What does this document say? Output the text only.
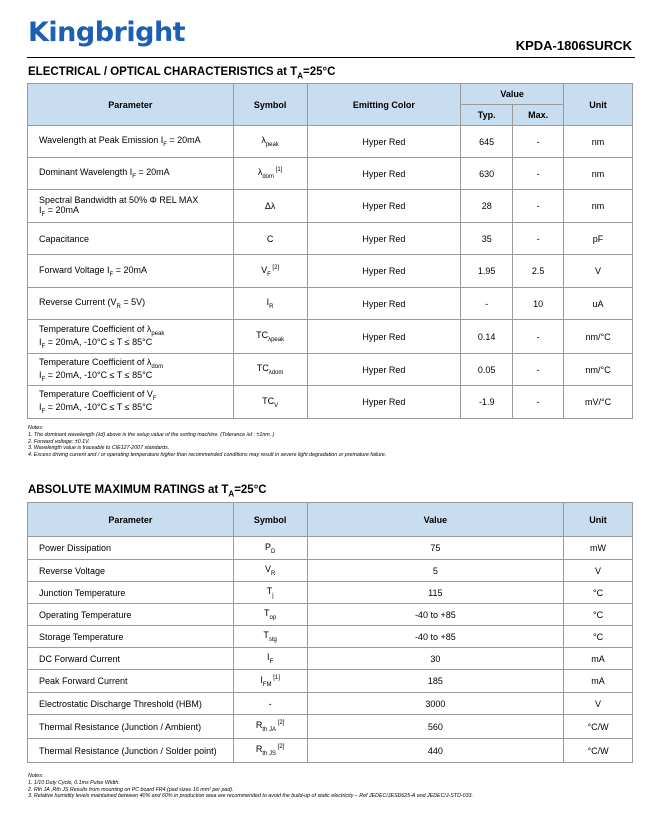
Kingbright	KPDA-1806SURCK
ELECTRICAL / OPTICAL CHARACTERISTICS at $T_A=25^\circ C$
Parameter	Symbol	Emitting Color	Value		Unit
			Typ.	Max.	
Wavelength at Peak Emission $I_F = 20mA$	$\lambda_{peak}$	Hyper Red	645	-	nm
Dominant Wavelength $I_F = 20mA$	$\lambda_{dom}$ [1]	Hyper Red	630	-	nm
Spectral Bandwidth at 50% Φ REL MAX
$I_F = 20mA$	Δλ	Hyper Red	28	-	nm
Capacitance	C	Hyper Red	35	-	pF
Forward Voltage $I_F = 20mA$	$V_F$ [2]	Hyper Red	1.95	2.5	V
Reverse Current $(V_R = 5V)$	$I_R$	Hyper Red	-	10	uA
Temperature Coefficient of $\lambda_{peak}$
$I_F = 20mA$, -10°C ≤ T ≤ 85°C	$TC_{\lambda peak}$	Hyper Red	0.14	-	nm/°C
Temperature Coefficient of $\lambda_{dom}$
$I_F = 20mA$, -10°C ≤ T ≤ 85°C	$TC_{\lambda dom}$	Hyper Red	0.05	-	nm/°C
Temperature Coefficient of $V_F$
$I_F = 20mA$, -10°C ≤ T ≤ 85°C	$TC_V$	Hyper Red	-1.9	-	mV/°C
Notes:
1. The dominant wavelength (λd) above is the setup value of the sorting machine. (Tolerance λd : ±1nm. )
2. Forward voltage: ±0.1V.
3. Wavelength value is traceable to CIE127-2007 standards.
4. Excess driving current and / or operating temperature higher than recommended conditions may result in severe light degradation or premature failure.
ABSOLUTE MAXIMUM RATINGS at $T_A=25^\circ C$
Parameter	Symbol	Value	Unit
Power Dissipation	$P_D$	75	mW
Reverse Voltage	$V_R$	5	V
Junction Temperature	$T_j$	115	°C
Operating Temperature	$T_{op}$	-40 to +85	°C
Storage Temperature	$T_{stg}$	-40 to +85	°C
DC Forward Current	$I_F$	30	mA
Peak Forward Current	$I_{FM}$ [1]	185	mA
Electrostatic Discharge Threshold (HBM)	-	3000	V
Thermal Resistance (Junction / Ambient)	$R_{th JA}$ [2]	560	°C/W
Thermal Resistance (Junction / Solder point)	$R_{th JS}$ [2]	440	°C/W
Notes:
1. 1/10 Duty Cycle, 0.1ms Pulse Width.
2. Rth JA ,Rth JS Results from mounting on PC board FR4 (pad size≥ 16 mm² per pad).
3. Relative humidity levels maintained between 40% and 60% in production area are recommended to avoid the build-up of static electricity – Ref JEDEC/JESD625-A and JEDEC/J-STD-033.
